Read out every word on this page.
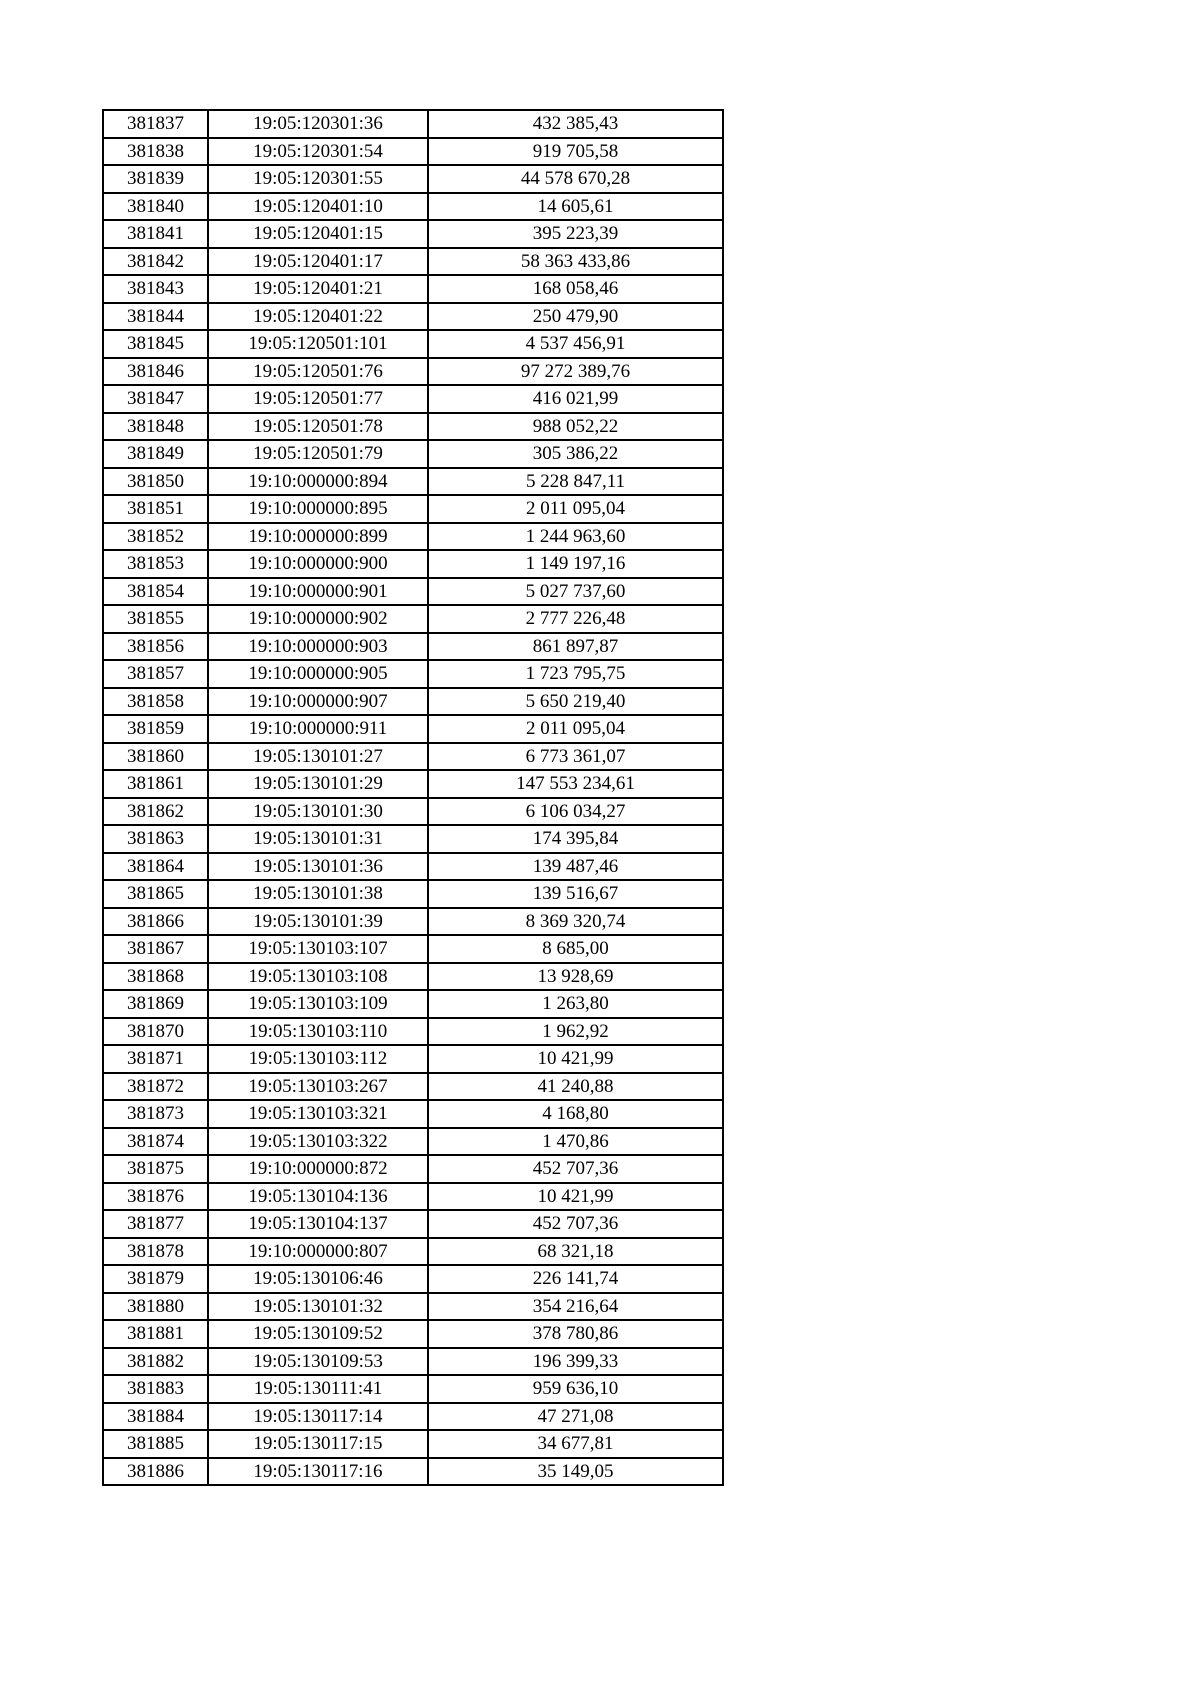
381837	19:05:120301:36	432 385,43
381838	19:05:120301:54	919 705,58
381839	19:05:120301:55	44 578 670,28
381840	19:05:120401:10	14 605,61
381841	19:05:120401:15	395 223,39
381842	19:05:120401:17	58 363 433,86
381843	19:05:120401:21	168 058,46
381844	19:05:120401:22	250 479,90
381845	19:05:120501:101	4 537 456,91
381846	19:05:120501:76	97 272 389,76
381847	19:05:120501:77	416 021,99
381848	19:05:120501:78	988 052,22
381849	19:05:120501:79	305 386,22
381850	19:10:000000:894	5 228 847,11
381851	19:10:000000:895	2 011 095,04
381852	19:10:000000:899	1 244 963,60
381853	19:10:000000:900	1 149 197,16
381854	19:10:000000:901	5 027 737,60
381855	19:10:000000:902	2 777 226,48
381856	19:10:000000:903	861 897,87
381857	19:10:000000:905	1 723 795,75
381858	19:10:000000:907	5 650 219,40
381859	19:10:000000:911	2 011 095,04
381860	19:05:130101:27	6 773 361,07
381861	19:05:130101:29	147 553 234,61
381862	19:05:130101:30	6 106 034,27
381863	19:05:130101:31	174 395,84
381864	19:05:130101:36	139 487,46
381865	19:05:130101:38	139 516,67
381866	19:05:130101:39	8 369 320,74
381867	19:05:130103:107	8 685,00
381868	19:05:130103:108	13 928,69
381869	19:05:130103:109	1 263,80
381870	19:05:130103:110	1 962,92
381871	19:05:130103:112	10 421,99
381872	19:05:130103:267	41 240,88
381873	19:05:130103:321	4 168,80
381874	19:05:130103:322	1 470,86
381875	19:10:000000:872	452 707,36
381876	19:05:130104:136	10 421,99
381877	19:05:130104:137	452 707,36
381878	19:10:000000:807	68 321,18
381879	19:05:130106:46	226 141,74
381880	19:05:130101:32	354 216,64
381881	19:05:130109:52	378 780,86
381882	19:05:130109:53	196 399,33
381883	19:05:130111:41	959 636,10
381884	19:05:130117:14	47 271,08
381885	19:05:130117:15	34 677,81
381886	19:05:130117:16	35 149,05
